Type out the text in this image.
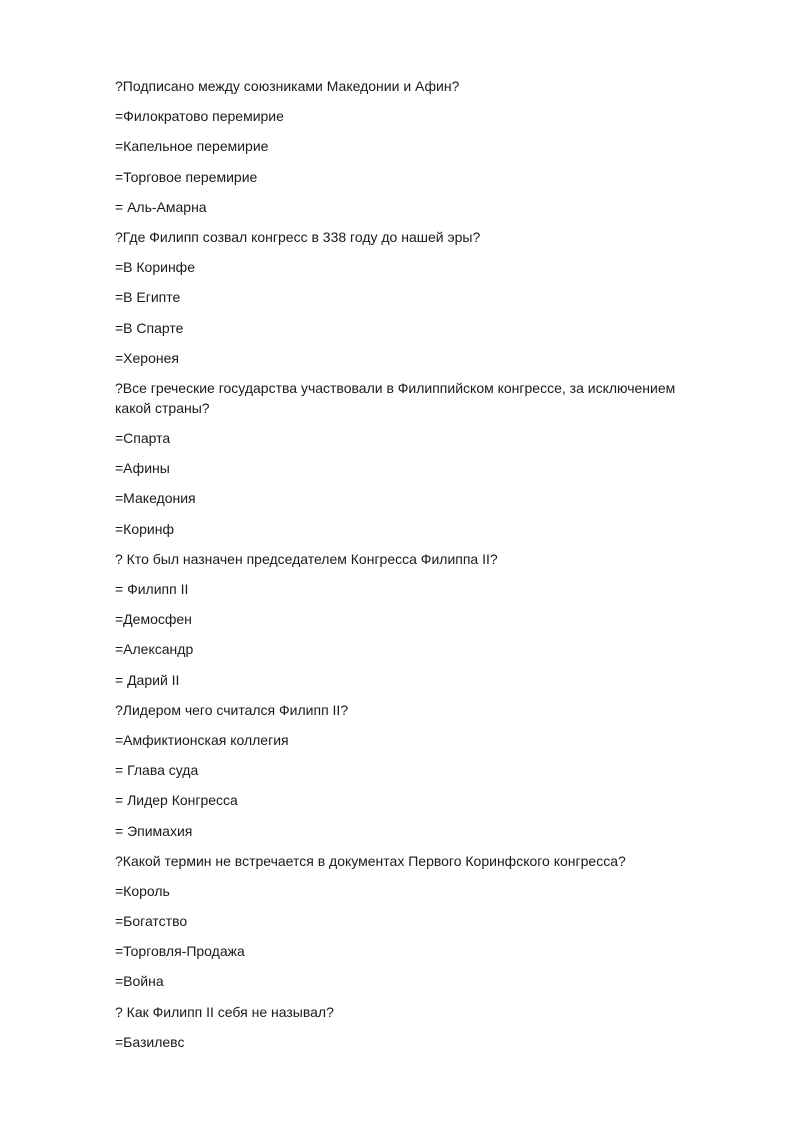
?Подписано между союзниками Македонии и Афин?

=Филократово перемирие

=Капельное перемирие

=Торговое перемирие

= Аль-Амарна

?Где Филипп созвал конгресс в 338 году до нашей эры?

=В Коринфе

=В Египте

=В Спарте

=Херонея

?Все греческие государства участвовали в Филиппийском конгрессе, за исключением какой страны?

=Спарта

=Афины

=Македония

=Коринф

? Кто был назначен председателем Конгресса Филиппа II?

= Филипп II

=Демосфен

=Александр

= Дарий II

?Лидером чего считался Филипп II?

=Амфиктионская коллегия

= Глава суда

= Лидер Конгресса

= Эпимахия

?Какой термин не встречается в документах Первого Коринфского конгресса?

=Король

=Богатство

=Торговля-Продажа

=Война

? Как Филипп II себя не называл?

=Базилевс
